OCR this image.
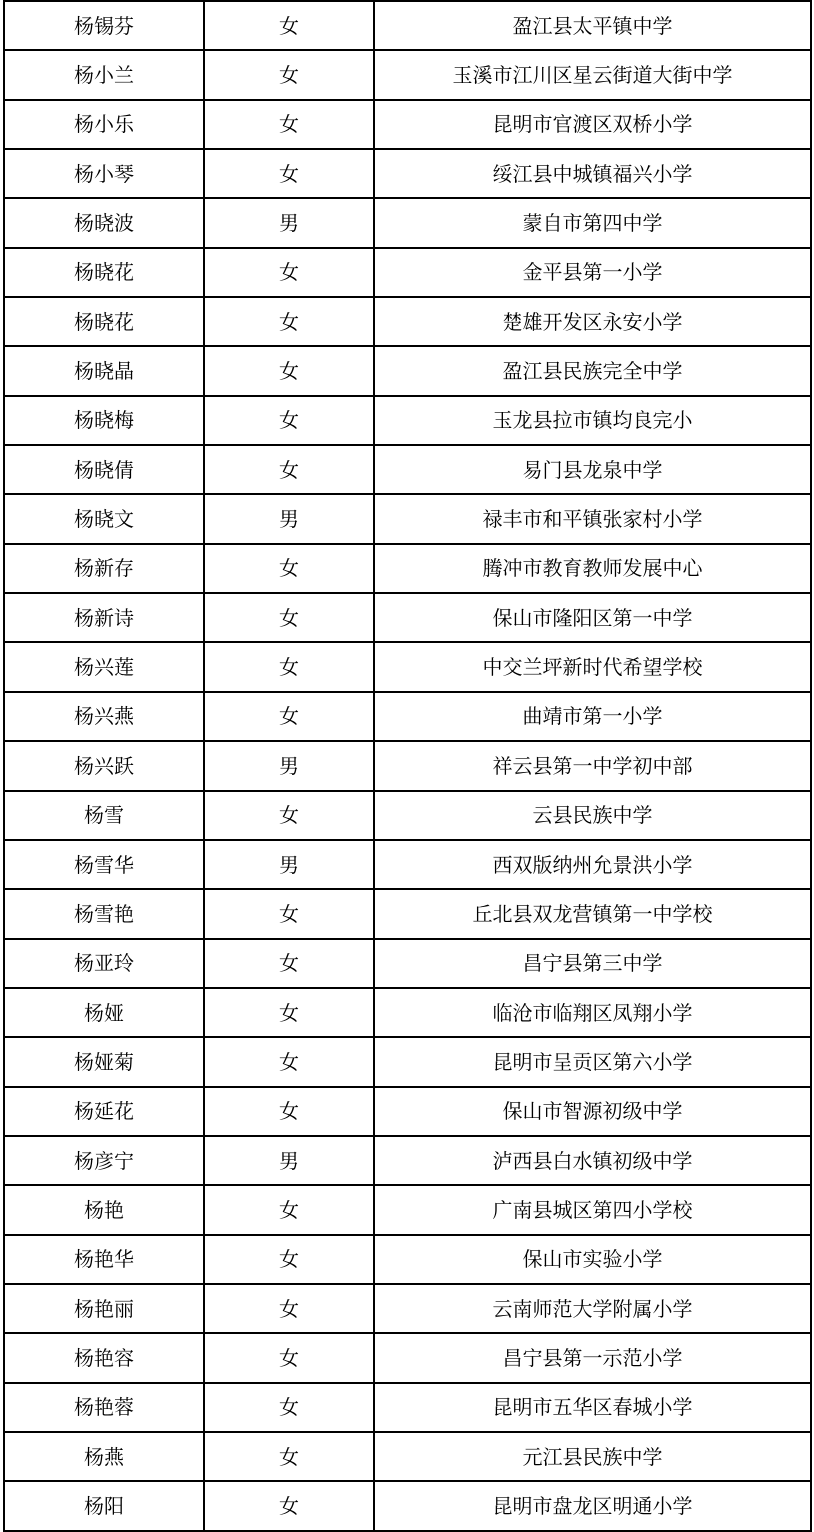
杨锡芬	女	盈江县太平镇中学
杨小兰	女	玉溪市江川区星云街道大街中学
杨小乐	女	昆明市官渡区双桥小学
杨小琴	女	绥江县中城镇福兴小学
杨晓波	男	蒙自市第四中学
杨晓花	女	金平县第一小学
杨晓花	女	楚雄开发区永安小学
杨晓晶	女	盈江县民族完全中学
杨晓梅	女	玉龙县拉市镇均良完小
杨晓倩	女	易门县龙泉中学
杨晓文	男	禄丰市和平镇张家村小学
杨新存	女	腾冲市教育教师发展中心
杨新诗	女	保山市隆阳区第一中学
杨兴莲	女	中交兰坪新时代希望学校
杨兴燕	女	曲靖市第一小学
杨兴跃	男	祥云县第一中学初中部
杨雪	女	云县民族中学
杨雪华	男	西双版纳州允景洪小学
杨雪艳	女	丘北县双龙营镇第一中学校
杨亚玲	女	昌宁县第三中学
杨娅	女	临沧市临翔区凤翔小学
杨娅菊	女	昆明市呈贡区第六小学
杨延花	女	保山市智源初级中学
杨彦宁	男	泸西县白水镇初级中学
杨艳	女	广南县城区第四小学校
杨艳华	女	保山市实验小学
杨艳丽	女	云南师范大学附属小学
杨艳容	女	昌宁县第一示范小学
杨艳蓉	女	昆明市五华区春城小学
杨燕	女	元江县民族中学
杨阳	女	昆明市盘龙区明通小学
